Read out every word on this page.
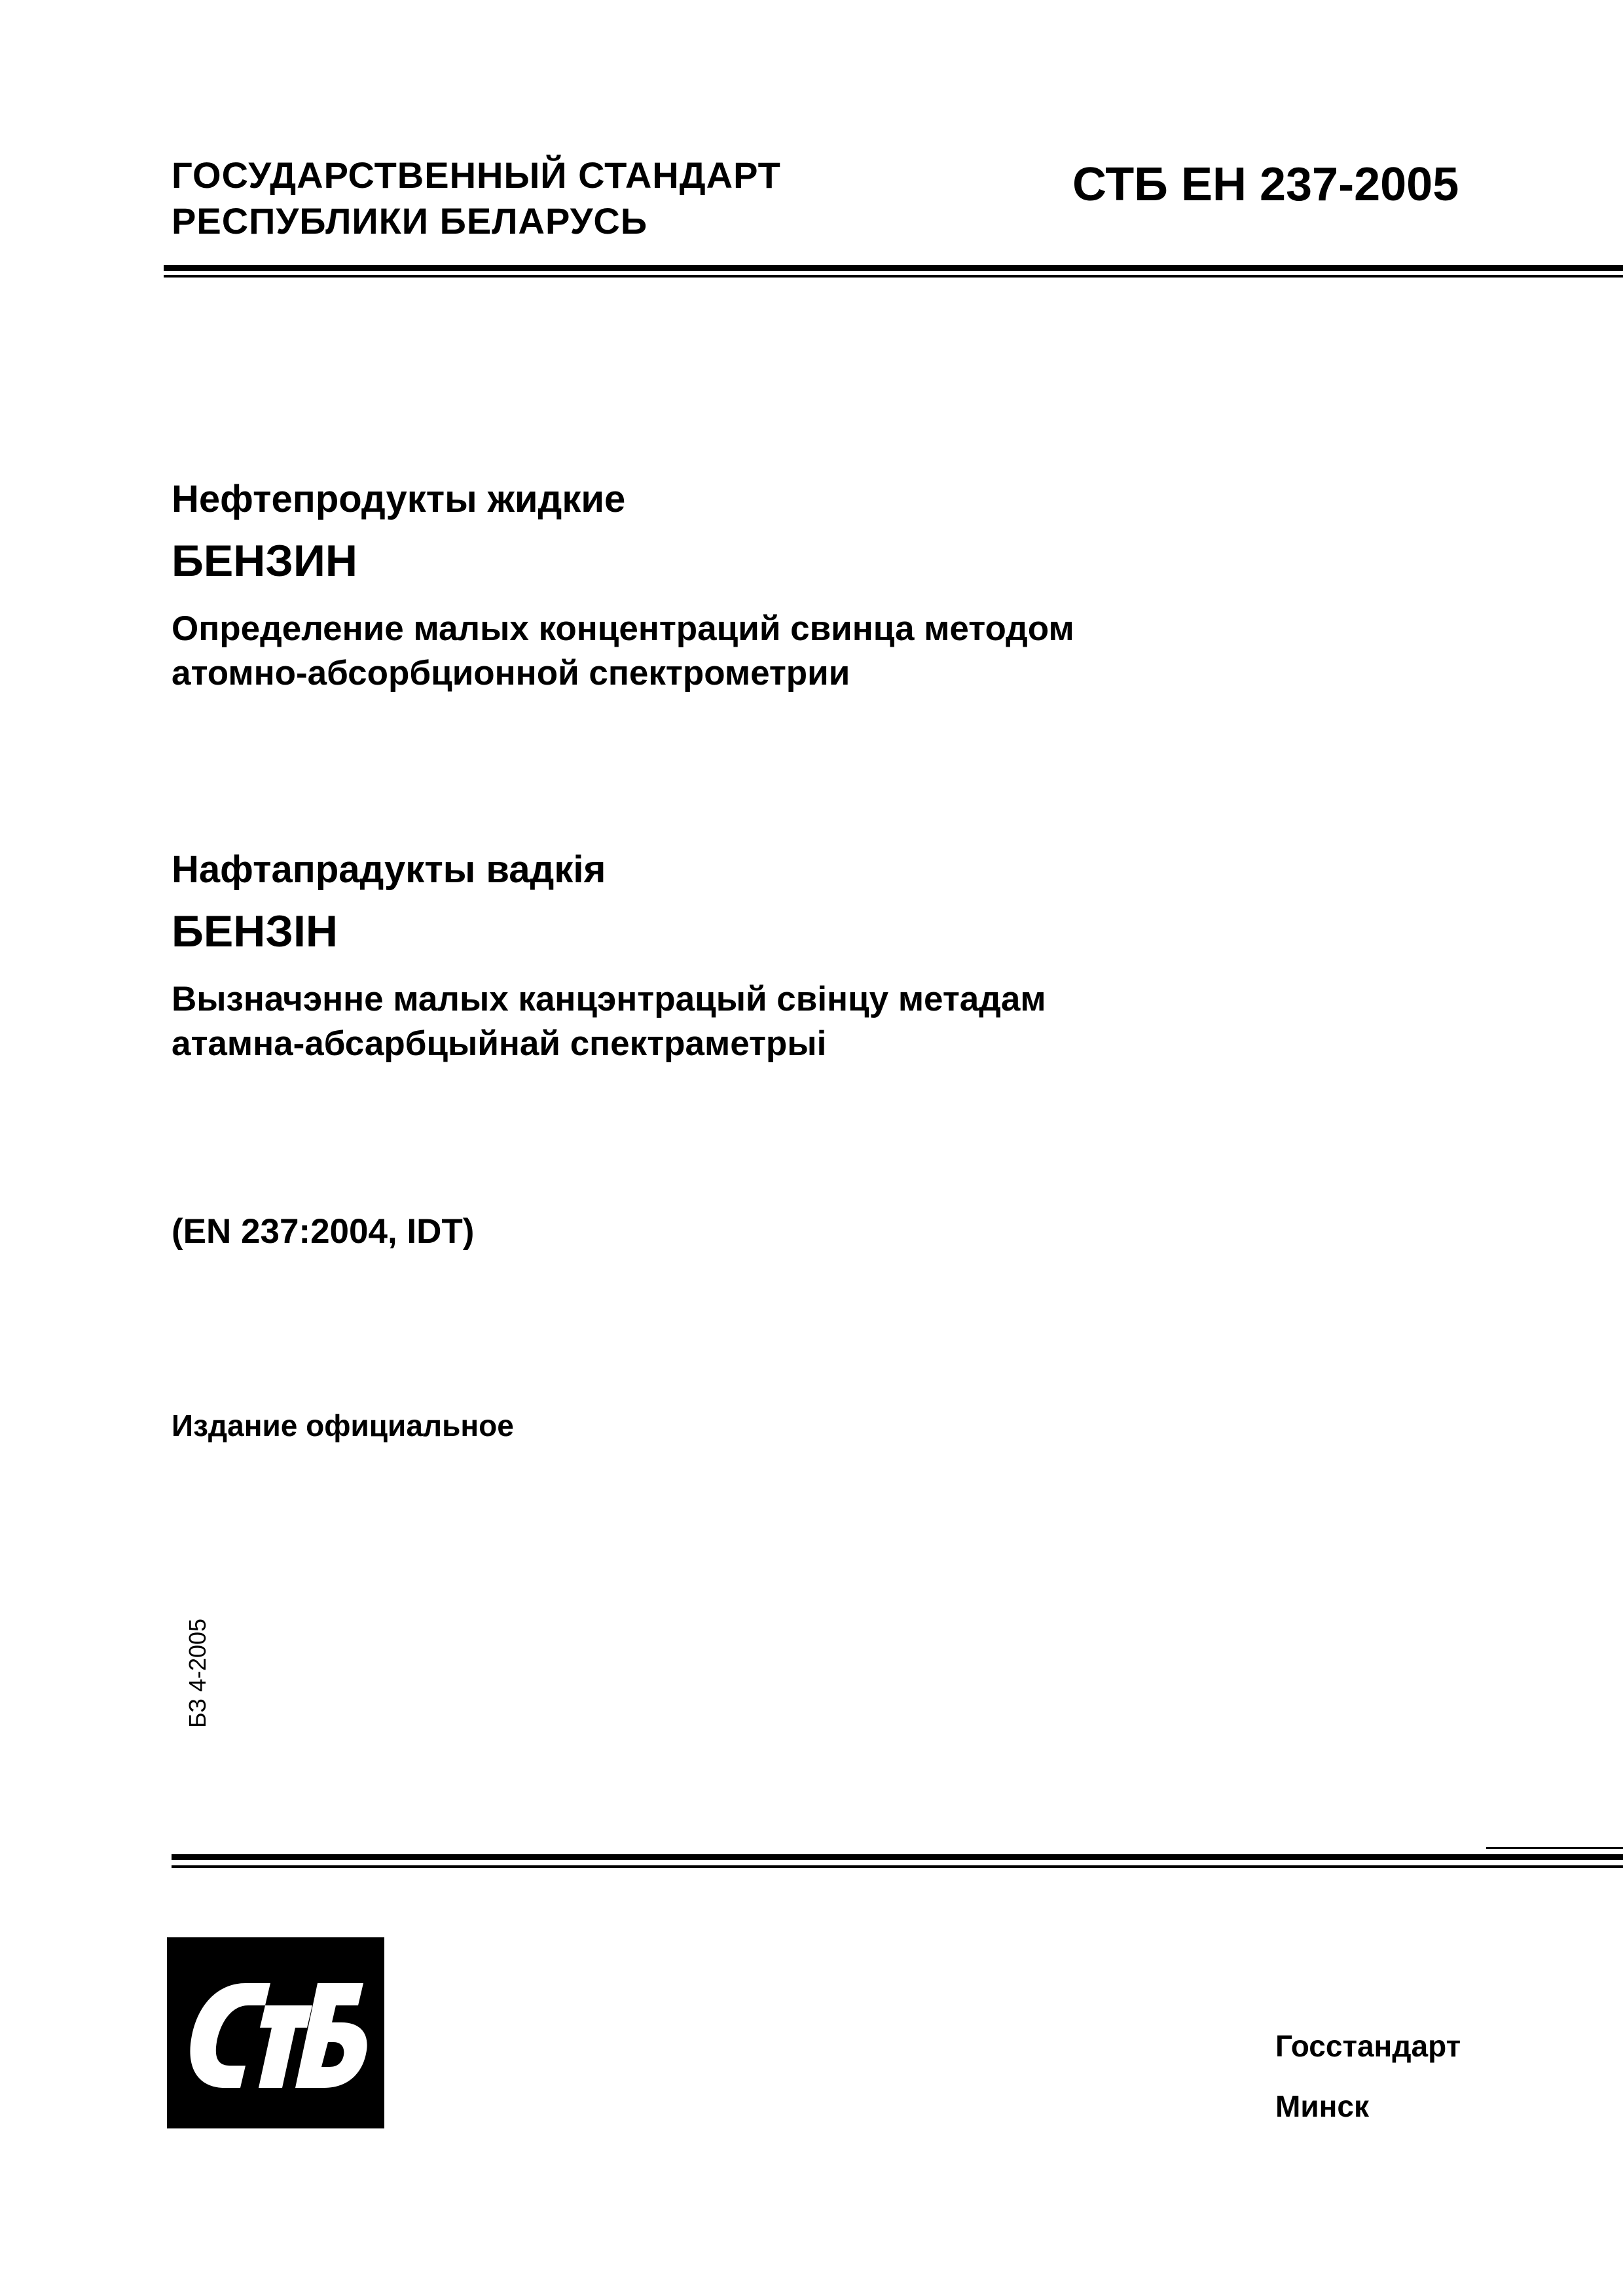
ГОСУДАРСТВЕННЫЙ СТАНДАРТ
РЕСПУБЛИКИ БЕЛАРУСЬ
СТБ ЕН 237-2005
Нефтепродукты жидкие
БЕНЗИН
Определение малых концентраций свинца методом
атомно-абсорбционной спектрометрии
Нафтапрадукты вадкія
БЕНЗІН
Вызначэнне малых канцэнтрацый свінцу метадам
атамна-абсарбцыйнай спектраметрыі
(EN 237:2004, IDT)
Издание официальное
БЗ 4-2005
Госстандарт
Минск
